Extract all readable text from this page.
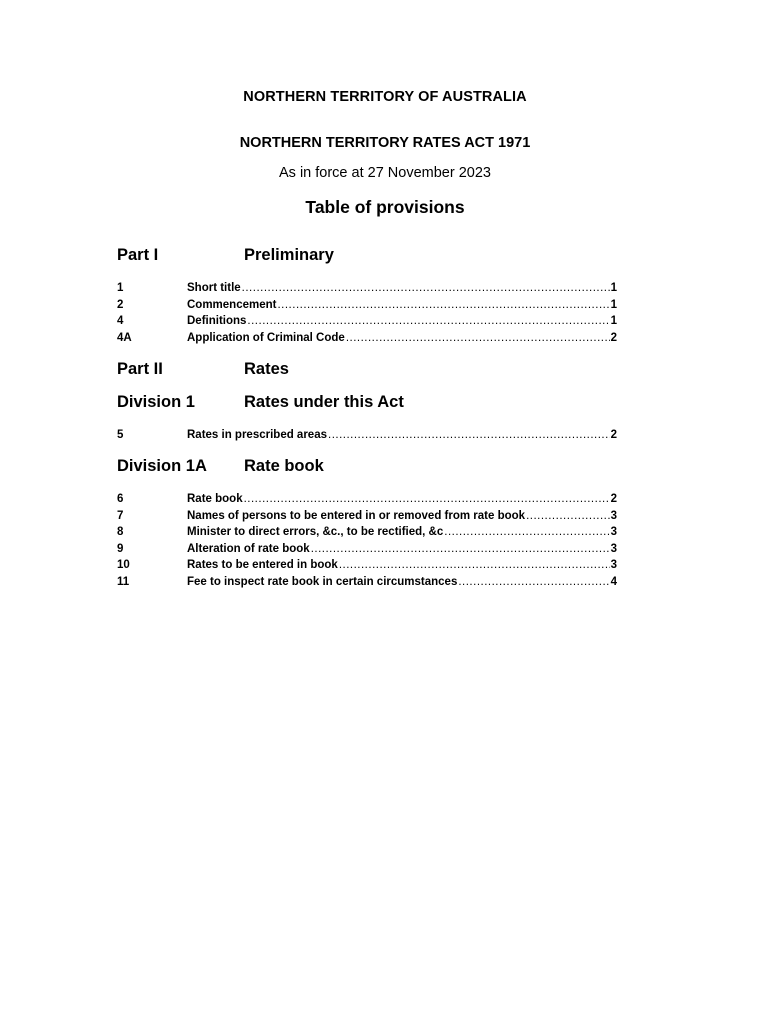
NORTHERN TERRITORY OF AUSTRALIA
NORTHERN TERRITORY RATES ACT 1971
As in force at 27 November 2023
Table of provisions
Part I	Preliminary
1	Short title .....	1
2	Commencement .....	1
4	Definitions .....	1
4A	Application of Criminal Code .....	2
Part II	Rates
Division 1	Rates under this Act
5	Rates in prescribed areas .....	2
Division 1A Rate book
6	Rate book .....	2
7	Names of persons to be entered in or removed from rate book .....	3
8	Minister to direct errors, &c., to be rectified, &c .....	3
9	Alteration of rate book .....	3
10	Rates to be entered in book .....	3
11	Fee to inspect rate book in certain circumstances .....	4
